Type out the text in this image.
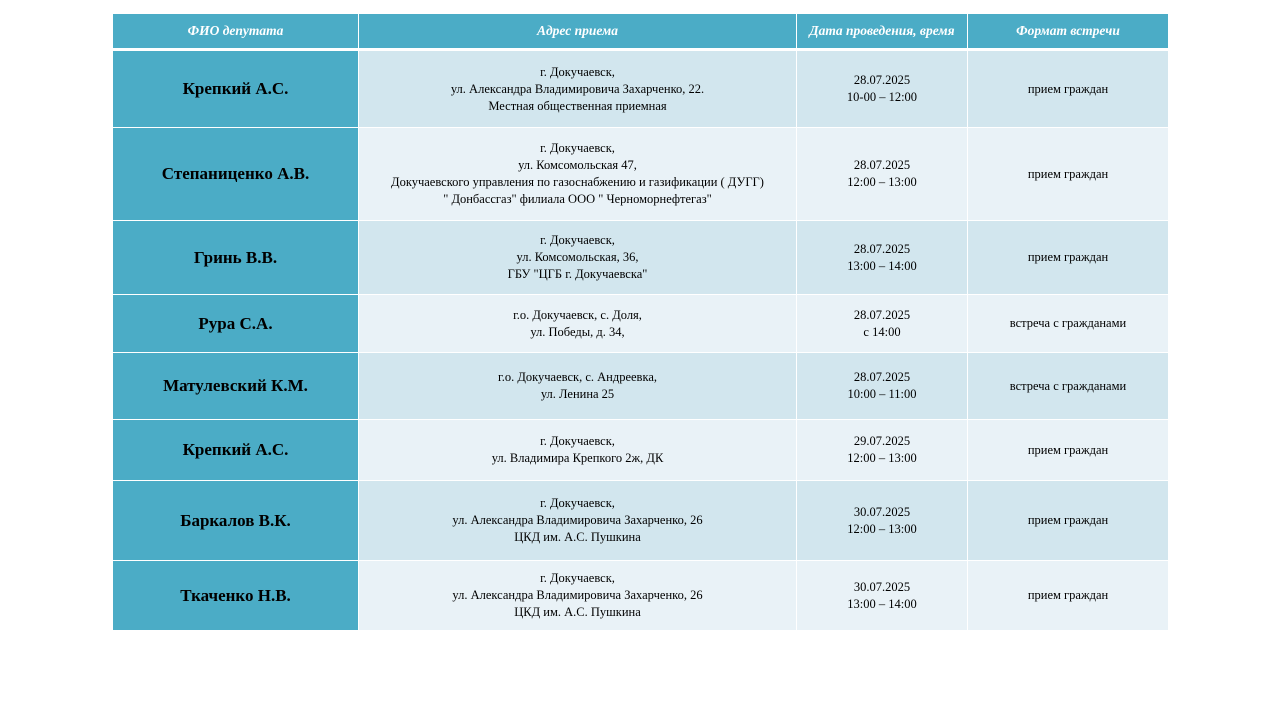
ФИО депутата	Адрес приема	Дата проведения, время	Формат встречи
Крепкий А.С.	г. Докучаевск,
ул. Александра Владимировича Захарченко, 22.
Местная общественная приемная	28.07.2025
10-00 – 12:00	прием граждан
Степаниценко А.В.	г. Докучаевск,
ул. Комсомольская 47,
Докучаевского управления по газоснабжению и газификации ( ДУГГ)
" Донбассгаз" филиала ООО " Черноморнефтегаз"	28.07.2025
12:00 – 13:00	прием граждан
Гринь В.В.	г. Докучаевск,
ул. Комсомольская, 36,
ГБУ "ЦГБ г. Докучаевска"	28.07.2025
13:00 – 14:00	прием граждан
Рура С.А.	г.о. Докучаевск, с. Доля,
ул. Победы, д. 34,	28.07.2025
с 14:00	встреча с гражданами
Матулевский К.М.	г.о. Докучаевск, с. Андреевка,
ул. Ленина 25	28.07.2025
10:00 – 11:00	встреча с гражданами
Крепкий А.С.	г. Докучаевск,
ул. Владимира Крепкого 2ж, ДК	29.07.2025
12:00 – 13:00	прием граждан
Баркалов В.К.	г. Докучаевск,
ул. Александра Владимировича Захарченко, 26
ЦКД им. А.С. Пушкина	30.07.2025
12:00 – 13:00	прием граждан
Ткаченко Н.В.	г. Докучаевск,
ул. Александра Владимировича Захарченко, 26
ЦКД им. А.С. Пушкина	30.07.2025
13:00 – 14:00	прием граждан
